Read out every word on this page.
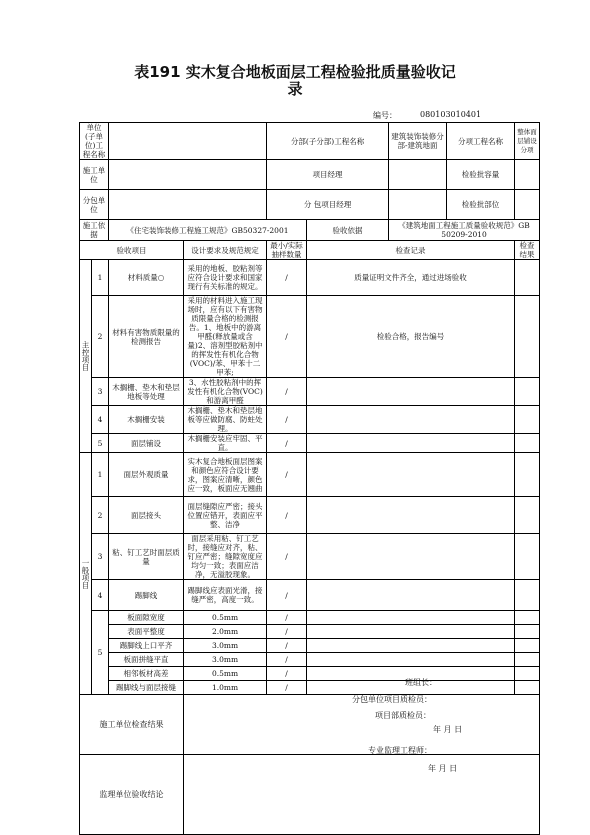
表191 实木复合地板面层工程检验批质量验收记
录
编号：	080103010401
单位(子单位)工程名称				分部(子分部)工程名称		建筑装饰装修分部-建筑地面	分项工程名称	整体面层铺设分项
施工单位				项目经理			检验批容量	
分包单位				分 包项目经理			检验批部位	
施工依据		《住宅装饰装修工程施工规范》GB50327-2001			验收依据	《建筑地面工程施工质量验收规范》GB 50209-2010		
验收项目			设计要求及规范规定	最小/实际抽样数量	检查记录			检查结果
主控项目	1	材料质量○	采用的地板、胶粘剂等应符合设计要求和国家现行有关标准的规定。	/	质量证明文件齐全，通过进场验收			
	2	材料有害物质限量的检测报告	采用的材料进入施工现场时，应有以下有害物质限量合格的检测报告。1、地板中的游离甲醛(释放量或含量)2、溶剂型胶粘剂中的挥发性有机化合物(VOC)/苯、甲苯十二甲苯;	/	检验合格，报告编号			
	3	木搁栅、垫木和垫层地板等处理	3、水性胶粘剂中的挥发性有机化合物(VOC)和游离甲醛	/				
	4	木搁栅安装	木搁栅、垫木和垫层地板等应做防腐、防蛀处理。	/				
	5	面层铺设	木搁栅安装应牢固、平直。	/				
一般项目	1	面层外观质量	实木复合地板面层图案和颜色应符合设计要求，图案应清晰，颜色应一致，板面应无翘曲	/				
	2	面层接头	面层缝隙应严密；接头位置应错开，表面应平整、洁净	/				
	3	粘、钉工艺时面层质量	面层采用粘、钉工艺时，接缝应对齐，粘、钉应严密；缝隙宽度应均匀一致；表面应洁净，无溢胶现象。	/				
	4	踢脚线	踢脚线应表面光滑，接缝严密，高度一致。	/				
	5	板面隙宽度	0.5mm	/				
		表面平整度	2.0mm	/				
		踢脚线上口平齐	3.0mm	/				
		板面拼缝平直	3.0mm	/				
		相邻板材高差	0.5mm	/				
		踢脚线与面层接缝	1.0mm	/				
施工单位检查结果								
监理单位验收结论								
班组长：
分包单位项目质检员：
项目部质检员：
年 月 日
专业监理工程师：
年 月 日
